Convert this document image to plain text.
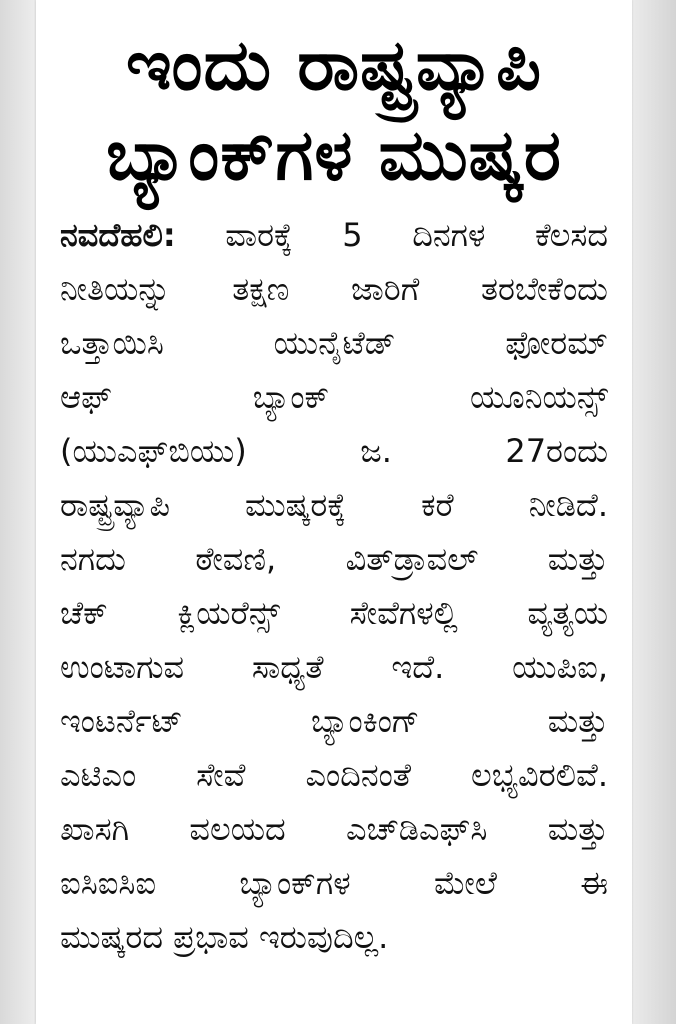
ಇಂದು ರಾಷ್ಟ್ರವ್ಯಾಪಿ
ಬ್ಯಾಂಕ್‌ಗಳ ಮುಷ್ಕರ
ನವದೆಹಲಿ: ವಾರಕ್ಕೆ 5 ದಿನಗಳ ಕೆಲಸದ
ನೀತಿಯನ್ನು ತಕ್ಷಣ ಜಾರಿಗೆ ತರಬೇಕೆಂದು
ಒತ್ತಾಯಿಸಿ ಯುನೈಟೆಡ್ ಫೋರಮ್
ಆಫ್ ಬ್ಯಾಂಕ್ ಯೂನಿಯನ್ಸ್
(ಯುಎಫ್‌ಬಿಯು) ಜ. 27ರಂದು
ರಾಷ್ಟ್ರವ್ಯಾಪಿ ಮುಷ್ಕರಕ್ಕೆ ಕರೆ ನೀಡಿದೆ.
ನಗದು ಠೇವಣಿ, ವಿತ್‌ಡ್ರಾವಲ್ ಮತ್ತು
ಚೆಕ್ ಕ್ಲಿಯರೆನ್ಸ್ ಸೇವೆಗಳಲ್ಲಿ ವ್ಯತ್ಯಯ
ಉಂಟಾಗುವ ಸಾಧ್ಯತೆ ಇದೆ. ಯುಪಿಐ,
ಇಂಟರ್ನೆಟ್ ಬ್ಯಾಂಕಿಂಗ್ ಮತ್ತು
ಎಟಿಎಂ ಸೇವೆ ಎಂದಿನಂತೆ ಲಭ್ಯವಿರಲಿವೆ.
ಖಾಸಗಿ ವಲಯದ ಎಚ್‌ಡಿಎಫ್‌ಸಿ ಮತ್ತು
ಐಸಿಐಸಿಐ ಬ್ಯಾಂಕ್‌ಗಳ ಮೇಲೆ ಈ
ಮುಷ್ಕರದ ಪ್ರಭಾವ ಇರುವುದಿಲ್ಲ.
